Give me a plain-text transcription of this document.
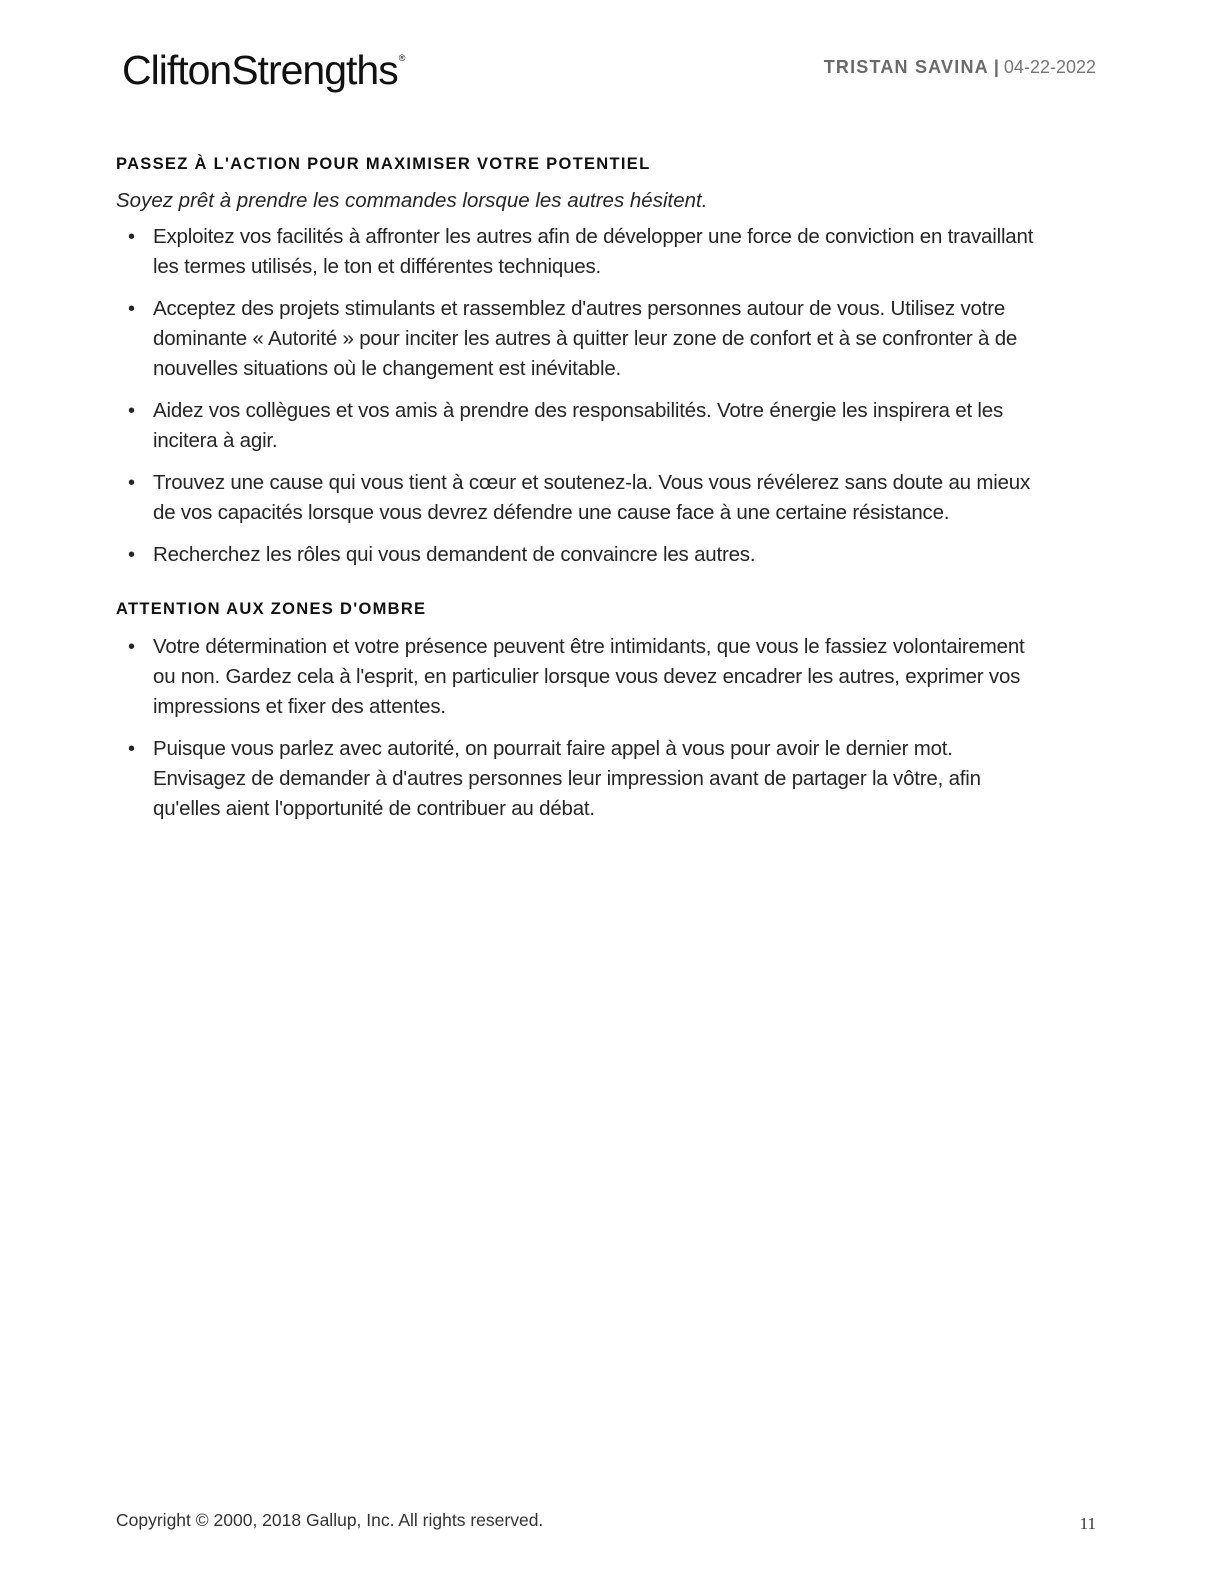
CliftonStrengths®	TRISTAN SAVINA | 04-22-2022
PASSEZ À L'ACTION POUR MAXIMISER VOTRE POTENTIEL

Soyez prêt à prendre les commandes lorsque les autres hésitent.

• Exploitez vos facilités à affronter les autres afin de développer une force de conviction en travaillant les termes utilisés, le ton et différentes techniques.
• Acceptez des projets stimulants et rassemblez d'autres personnes autour de vous. Utilisez votre dominante « Autorité » pour inciter les autres à quitter leur zone de confort et à se confronter à de nouvelles situations où le changement est inévitable.
• Aidez vos collègues et vos amis à prendre des responsabilités. Votre énergie les inspirera et les incitera à agir.
• Trouvez une cause qui vous tient à cœur et soutenez-la. Vous vous révélerez sans doute au mieux de vos capacités lorsque vous devrez défendre une cause face à une certaine résistance.
• Recherchez les rôles qui vous demandent de convaincre les autres.
ATTENTION AUX ZONES D'OMBRE
• Votre détermination et votre présence peuvent être intimidants, que vous le fassiez volontairement ou non. Gardez cela à l'esprit, en particulier lorsque vous devez encadrer les autres, exprimer vos impressions et fixer des attentes.
• Puisque vous parlez avec autorité, on pourrait faire appel à vous pour avoir le dernier mot. Envisagez de demander à d'autres personnes leur impression avant de partager la vôtre, afin qu'elles aient l'opportunité de contribuer au débat.
Copyright © 2000, 2018 Gallup, Inc. All rights reserved.	11
